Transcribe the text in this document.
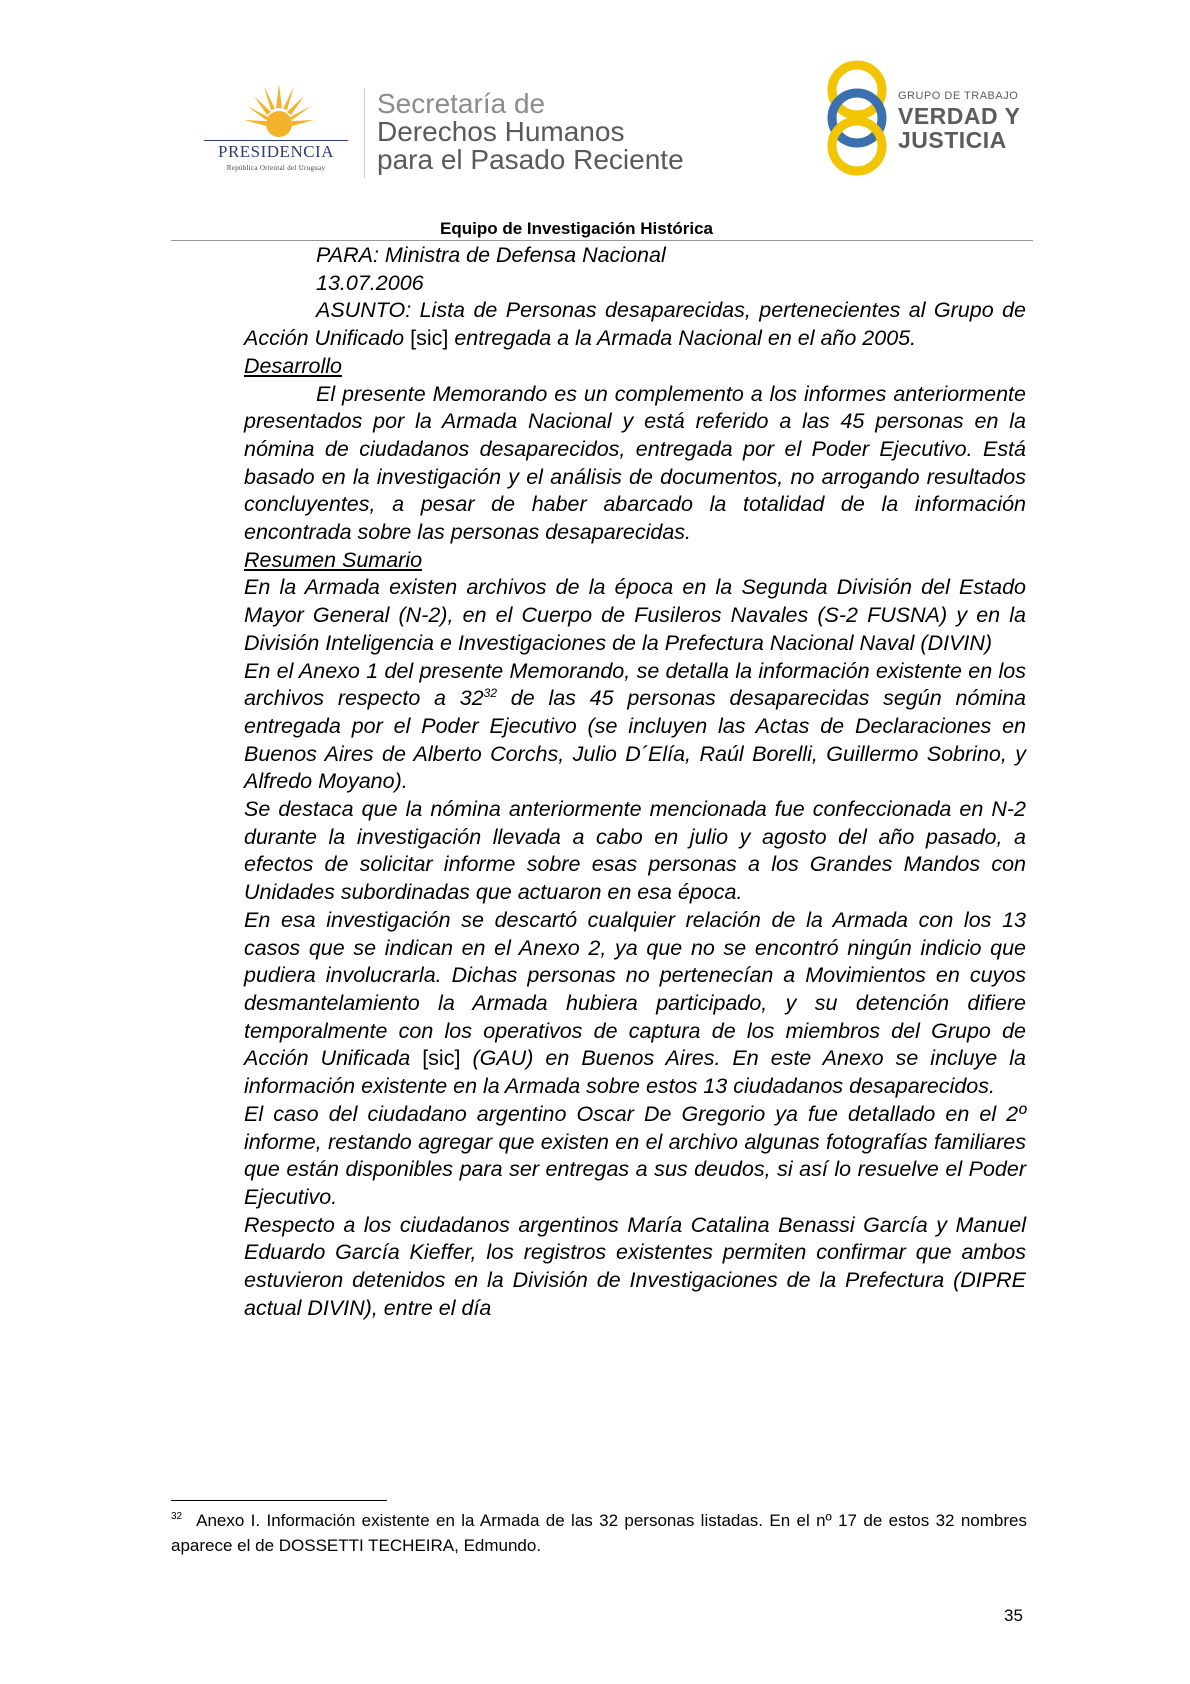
PRESIDENCIA
República Oriental del Uruguay
Secretaría de
Derechos Humanos
para el Pasado Reciente
GRUPO DE TRABAJO
VERDAD Y
JUSTICIA
Equipo de Investigación Histórica

PARA: Ministra de Defensa Nacional

13.07.2006

ASUNTO: Lista de Personas desaparecidas, pertenecientes al Grupo de Acción Unificado [sic] entregada a la Armada Nacional en el año 2005.

Desarrollo

El presente Memorando es un complemento a los informes anteriormente presentados por la Armada Nacional y está referido a las 45 personas en la nómina de ciudadanos desaparecidos, entregada por el Poder Ejecutivo. Está basado en la investigación y el análisis de documentos, no arrogando resultados concluyentes, a pesar de haber abarcado la totalidad de la información encontrada sobre las personas desaparecidas.

Resumen Sumario

En la Armada existen archivos de la época en la Segunda División del Estado Mayor General (N-2), en el Cuerpo de Fusileros Navales (S-2 FUSNA) y en la División Inteligencia e Investigaciones de la Prefectura Nacional Naval (DIVIN)

En el Anexo 1 del presente Memorando, se detalla la información existente en los archivos respecto a $32^{32}$ de las 45 personas desaparecidas según nómina entregada por el Poder Ejecutivo (se incluyen las Actas de Declaraciones en Buenos Aires de Alberto Corchs, Julio D´Elía, Raúl Borelli, Guillermo Sobrino, y Alfredo Moyano).

Se destaca que la nómina anteriormente mencionada fue confeccionada en N-2 durante la investigación llevada a cabo en julio y agosto del año pasado, a efectos de solicitar informe sobre esas personas a los Grandes Mandos con Unidades subordinadas que actuaron en esa época.

En esa investigación se descartó cualquier relación de la Armada con los 13 casos que se indican en el Anexo 2, ya que no se encontró ningún indicio que pudiera involucrarla. Dichas personas no pertenecían a Movimientos en cuyos desmantelamiento la Armada hubiera participado, y su detención difiere temporalmente con los operativos de captura de los miembros del Grupo de Acción Unificada [sic] (GAU) en Buenos Aires. En este Anexo se incluye la información existente en la Armada sobre estos 13 ciudadanos desaparecidos.

El caso del ciudadano argentino Oscar De Gregorio ya fue detallado en el 2º informe, restando agregar que existen en el archivo algunas fotografías familiares que están disponibles para ser entregas a sus deudos, si así lo resuelve el Poder Ejecutivo.

Respecto a los ciudadanos argentinos María Catalina Benassi García y Manuel Eduardo García Kieffer, los registros existentes permiten confirmar que ambos estuvieron detenidos en la División de Investigaciones de la Prefectura (DIPRE actual DIVIN), entre el día

$^{32}$ Anexo I. Información existente en la Armada de las 32 personas listadas. En el nº 17 de estos 32 nombres aparece el de DOSSETTI TECHEIRA, Edmundo.
35
